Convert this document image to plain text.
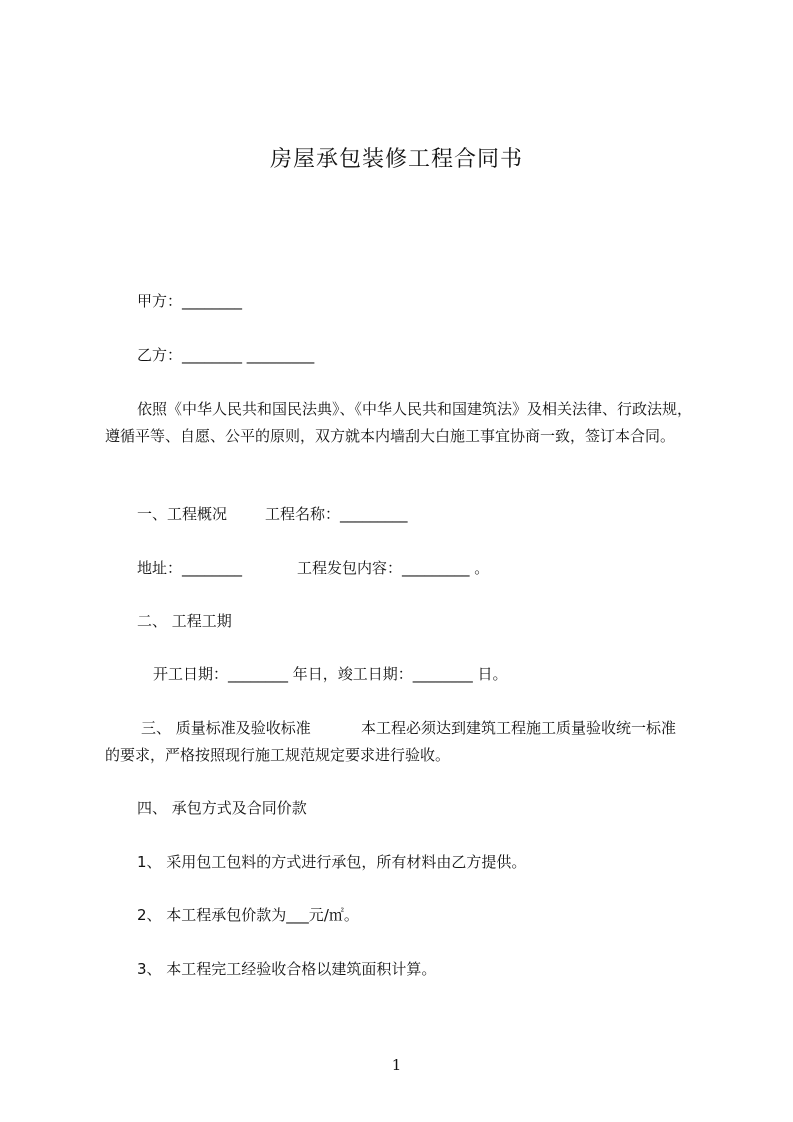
房屋承包装修工程合同书
甲方：________
乙方：________ _________

依照《中华人民共和国民法典》、《中华人民共和国建筑法》及相关法律、行政法规，遵循平等、自愿、公平的原则，双方就本内墙刮大白施工事宜协商一致，签订本合同。

一、工程概况	工程名称：_________
地址：________	工程发包内容：_________ 。
二、 工程工期
开工日期：________ 年日，竣工日期：________ 日。
三、 质量标准及验收标准	本工程必须达到建筑工程施工质量验收统一标准
的要求，严格按照现行施工规范规定要求进行验收。
四、 承包方式及合同价款
1、 采用包工包料的方式进行承包，所有材料由乙方提供。
2、 本工程承包价款为___元/㎡。
3、 本工程完工经验收合格以建筑面积计算。
1
